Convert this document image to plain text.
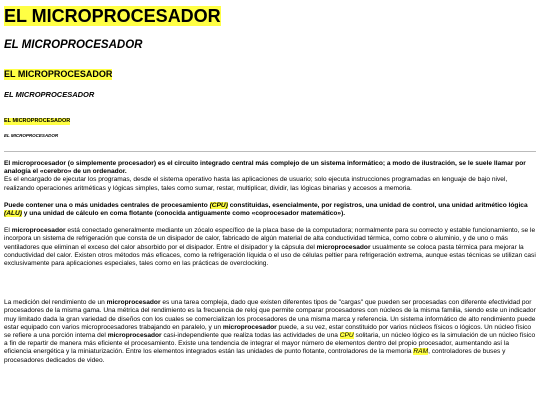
EL MICROPROCESADOR
EL MICROPROCESADOR
EL MICROPROCESADOR
EL MICROPROCESADOR
EL MICROPROCESADOR
EL MICROPROCESADOR

El microprocesador (o simplemente procesador) es el circuito integrado central más complejo de un sistema informático; a modo de ilustración, se le suele llamar por analogía el «cerebro» de un ordenador.
Es el encargado de ejecutar los programas, desde el sistema operativo hasta las aplicaciones de usuario; solo ejecuta instrucciones programadas en lenguaje de bajo nivel, realizando operaciones aritméticas y lógicas simples, tales como sumar, restar, multiplicar, dividir, las lógicas binarias y accesos a memoria.

Puede contener una o más unidades centrales de procesamiento (CPU) constituidas, esencialmente, por registros, una unidad de control, una unidad aritmético lógica (ALU) y una unidad de cálculo en coma flotante (conocida antiguamente como «coprocesador matemático»).

El microprocesador está conectado generalmente mediante un zócalo específico de la placa base de la computadora; normalmente para su correcto y estable funcionamiento, se le incorpora un sistema de refrigeración que consta de un disipador de calor, fabricado de algún material de alta conductividad térmica, como cobre o aluminio, y de uno o más ventiladores que eliminan el exceso del calor absorbido por el disipador. Entre el disipador y la cápsula del microprocesador usualmente se coloca pasta térmica para mejorar la conductividad del calor. Existen otros métodos más eficaces, como la refrigeración líquida o el uso de células peltier para refrigeración extrema, aunque estas técnicas se utilizan casi exclusivamente para aplicaciones especiales, tales como en las prácticas de overclocking.

La medición del rendimiento de un microprocesador es una tarea compleja, dado que existen diferentes tipos de "cargas" que pueden ser procesadas con diferente efectividad por procesadores de la misma gama. Una métrica del rendimiento es la frecuencia de reloj que permite comparar procesadores con núcleos de la misma familia, siendo este un indicador muy limitado dada la gran variedad de diseños con los cuales se comercializan los procesadores de una misma marca y referencia. Un sistema informático de alto rendimiento puede estar equipado con varios microprocesadores trabajando en paralelo, y un microprocesador puede, a su vez, estar constituido por varios núcleos físicos o lógicos. Un núcleo físico se refiere a una porción interna del microprocesador casi-independiente que realiza todas las actividades de una CPU solitaria, un núcleo lógico es la simulación de un núcleo físico a fin de repartir de manera más eficiente el procesamiento. Existe una tendencia de integrar el mayor número de elementos dentro del propio procesador, aumentando así la eficiencia energética y la miniaturización. Entre los elementos integrados están las unidades de punto flotante, controladores de la memoria RAM, controladores de buses y procesadores dedicados de video.
